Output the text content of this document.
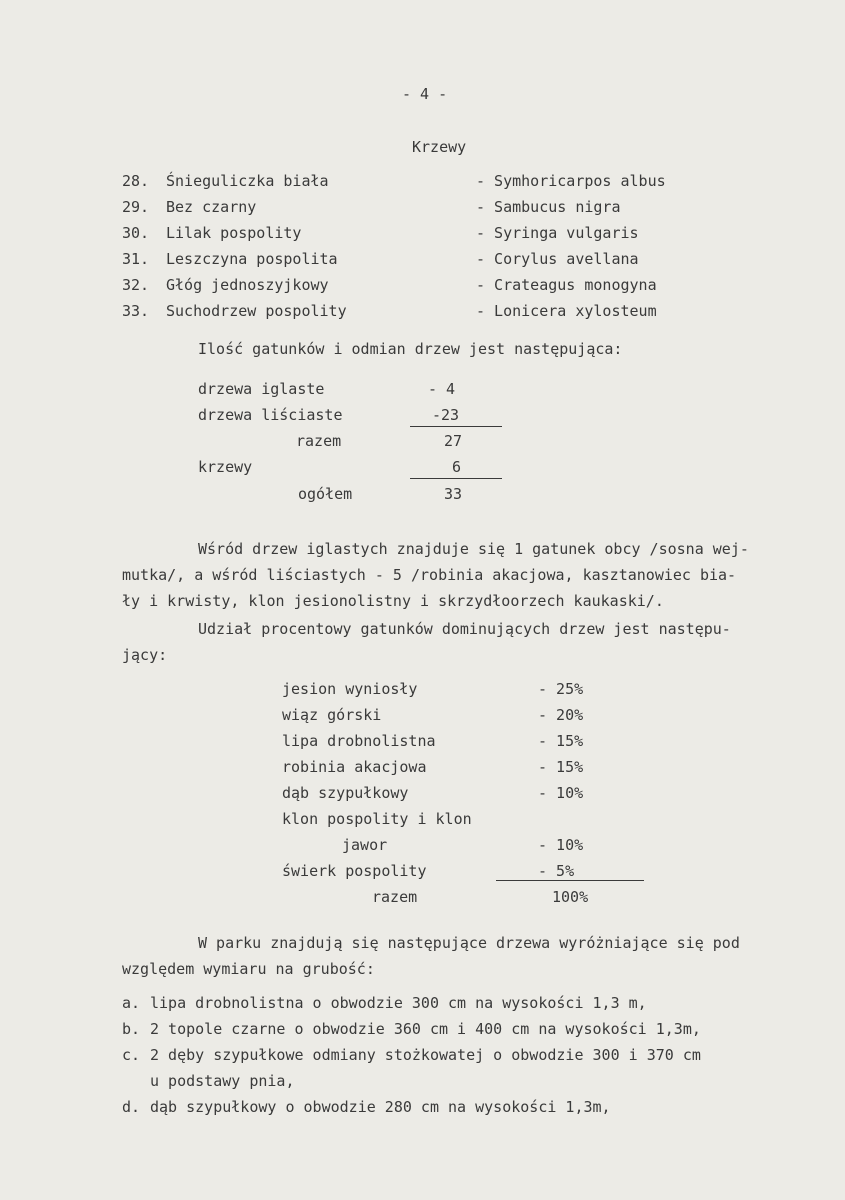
- 4 -
Krzewy
28. Śnieguliczka biała	- Symhoricarpos albus
29. Bez czarny	- Sambucus nigra
30. Lilak pospolity	- Syringa vulgaris
31. Leszczyna pospolita	- Corylus avellana
32. Głóg jednoszyjkowy	- Crateagus monogyna
33. Suchodrzew pospolity	- Lonicera xylosteum
Ilość gatunków i odmian drzew jest następująca:
drzewa iglaste	- 4
drzewa liściaste	-23
razem	27
krzewy	6
ogółem	33
Wśród drzew iglastych znajduje się 1 gatunek obcy /sosna wej-
mutka/, a wśród liściastych - 5 /robinia akacjowa, kasztanowiec bia-
ły i krwisty, klon jesionolistny i skrzydłoorzech kaukaski/.
Udział procentowy gatunków dominujących drzew jest następu-
jący:
jesion wyniosły	- 25%
wiąz górski	- 20%
lipa drobnolistna	- 15%
robinia akacjowa	- 15%
dąb szypułkowy	- 10%
klon pospolity i klon
jawor	- 10%
świerk pospolity	- 5%
razem	100%
W parku znajdują się następujące drzewa wyróżniające się pod
względem wymiaru na grubość:
a. lipa drobnolistna o obwodzie 300 cm na wysokości 1,3 m,
b. 2 topole czarne o obwodzie 360 cm i 400 cm na wysokości 1,3m,
c. 2 dęby szypułkowe odmiany stożkowatej o obwodzie 300 i 370 cm
u podstawy pnia,
d. dąb szypułkowy o obwodzie 280 cm na wysokości 1,3m,
